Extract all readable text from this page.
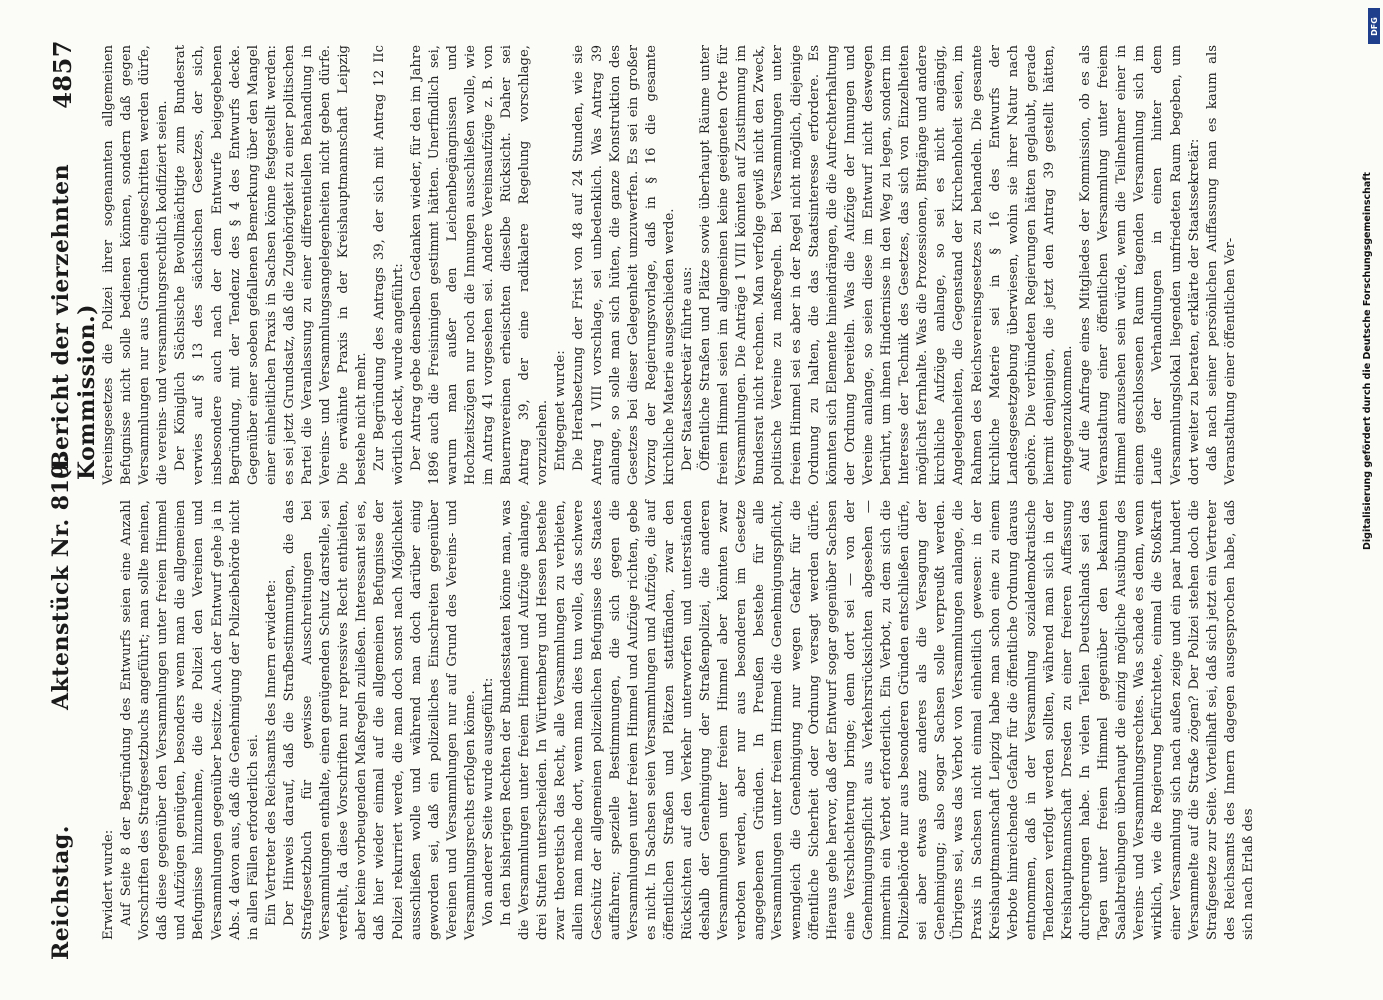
Reichstag.
Aktenstück Nr. 819.
(Bericht der vierzehnten Kommission.)
4857

Erwidert wurde: Auf Seite 8 der Begründung des Entwurfs seien eine Anzahl Vorschriften des Strafgesetzbuchs angeführt; man sollte meinen, daß diese gegenüber den Versammlungen unter freiem Himmel und Aufzügen genügten, besonders wenn man die allgemeinen Befugnisse hinzunehme, die die Polizei den Vereinen und Versammlungen gegenüber besitze. Auch der Entwurf gehe ja in Abs. 4 davon aus, daß die Genehmigung der Polizeibehörde nicht in allen Fällen erforderlich sei. Ein Vertreter des Reichsamts des Innern erwiderte: Der Hinweis darauf, daß die Strafbestimmungen, die das Strafgesetzbuch für gewisse Ausschreitungen bei Versammlungen enthalte, einen genügenden Schutz darstelle, sei verfehlt, da diese Vorschriften nur repressives Recht enthielten, aber keine vorbeugenden Maßregeln zuließen. Interessant sei es, daß hier wieder einmal auf die allgemeinen Befugnisse der Polizei rekurriert werde, die man doch sonst nach Möglichkeit ausschließen wolle und während man doch darüber einig geworden sei, daß ein polizeiliches Einschreiten gegenüber Vereinen und Versammlungen nur auf Grund des Vereins- und Versammlungsrechts erfolgen könne. Von anderer Seite wurde ausgeführt: In den bisherigen Rechten der Bundesstaaten könne man, was die Versammlungen unter freiem Himmel und Aufzüge anlange, drei Stufen unterscheiden. In Württemberg und Hessen bestehe zwar theoretisch das Recht, alle Versammlungen zu verbieten, allein man mache dort, wenn man dies tun wolle, das schwere Geschütz der allgemeinen polizeilichen Befugnisse des Staates auffahren; spezielle Bestimmungen, die sich gegen die Versammlungen unter freiem Himmel und Aufzüge richten, gebe es nicht. In Sachsen seien Versammlungen und Aufzüge, die auf öffentlichen Straßen und Plätzen stattfänden, zwar den Rücksichten auf den Verkehr unterworfen und unterständen deshalb der Genehmigung der Straßenpolizei, die anderen Versammlungen unter freiem Himmel aber könnten zwar verboten werden, aber nur aus besonderen im Gesetze angegebenen Gründen. In Preußen bestehe für alle Versammlungen unter freiem Himmel die Genehmigungspflicht, wenngleich die Genehmigung nur wegen Gefahr für die öffentliche Sicherheit oder Ordnung versagt werden dürfe. Hieraus gehe hervor, daß der Entwurf sogar gegenüber Sachsen eine Verschlechterung bringe; denn dort sei — von der Genehmigungspflicht aus Verkehrsrücksichten abgesehen — immerhin ein Verbot erforderlich. Ein Verbot, zu dem sich die Polizeibehörde nur aus besonderen Gründen entschließen dürfe, sei aber etwas ganz anderes als die Versagung der Genehmigung; also sogar Sachsen solle verpreußt werden. Übrigens sei, was das Verbot von Versammlungen anlange, die Praxis in Sachsen nicht einmal einheitlich gewesen: in der Kreishauptmannschaft Leipzig habe man schon eine zu einem Verbote hinreichende Gefahr für die öffentliche Ordnung daraus entnommen, daß in der Versammlung sozialdemokratische Tendenzen verfolgt werden sollten, während man sich in der Kreishauptmannschaft Dresden zu einer freieren Auffassung durchgerungen habe. In vielen Teilen Deutschlands sei das Tagen unter freiem Himmel gegenüber den bekannten Saalabtreibungen überhaupt die einzig mögliche Ausübung des Vereins- und Versammlungsrechtes. Was schade es denn, wenn wirklich, wie die Regierung befürchtete, einmal die Stoßkraft einer Versammlung sich nach außen zeige und ein paar hundert Versammelte auf die Straße zögen? Der Polizei stehen doch die Strafgesetze zur Seite. Vorteilhaft sei, daß sich jetzt ein Vertreter des Reichsamts des Innern dagegen ausgesprochen habe, daß sich nach Erlaß des

Vereinsgesetzes die Polizei ihrer sogenannten allgemeinen Befugnisse nicht solle bedienen können, sondern daß gegen Versammlungen nur aus Gründen eingeschritten werden dürfe, die vereins- und versammlungsrechtlich kodifiziert seien. Der Königlich Sächsische Bevollmächtigte zum Bundesrat verwies auf § 13 des sächsischen Gesetzes, der sich, insbesondere auch nach der dem Entwurfe beigegebenen Begründung, mit der Tendenz des § 4 des Entwurfs decke. Gegenüber einer soeben gefallenen Bemerkung über den Mangel einer einheitlichen Praxis in Sachsen könne festgestellt werden: es sei jetzt Grundsatz, daß die Zugehörigkeit zu einer politischen Partei die Veranlassung zu einer differentiellen Behandlung in Vereins- und Versammlungsangelegenheiten nicht geben dürfe. Die erwähnte Praxis in der Kreishauptmannschaft Leipzig bestehe nicht mehr. Zur Begründung des Antrags 39, der sich mit Antrag 12 IIc wörtlich deckt, wurde angeführt: Der Antrag gebe denselben Gedanken wieder, für den im Jahre 1896 auch die Freisinnigen gestimmt hätten. Unerfindlich sei, warum man außer den Leichenbegängnissen und Hochzeitszügen nur noch die Innungen ausschließen wolle, wie im Antrag 41 vorgesehen sei. Andere Vereinsaufzüge z. B. von Bauernvereinen erheischten dieselbe Rücksicht. Daher sei Antrag 39, der eine radikalere Regelung vorschlage, vorzuziehen. Entgegnet wurde: Die Herabsetzung der Frist von 48 auf 24 Stunden, wie sie Antrag 1 VIII vorschlage, sei unbedenklich. Was Antrag 39 anlange, so solle man sich hüten, die ganze Konstruktion des Gesetzes bei dieser Gelegenheit umzuwerfen. Es sei ein großer Vorzug der Regierungsvorlage, daß in § 16 die gesamte kirchliche Materie ausgeschieden werde. Der Staatssekretär führte aus: Öffentliche Straßen und Plätze sowie überhaupt Räume unter freiem Himmel seien im allgemeinen keine geeigneten Orte für Versammlungen. Die Anträge 1 VIII könnten auf Zustimmung im Bundesrat nicht rechnen. Man verfolge gewiß nicht den Zweck, politische Vereine zu maßregeln. Bei Versammlungen unter freiem Himmel sei es aber in der Regel nicht möglich, diejenige Ordnung zu halten, die das Staatsinteresse erfordere. Es könnten sich Elemente hineindrängen, die die Aufrechterhaltung der Ordnung bereiteln. Was die Aufzüge der Innungen und Vereine anlange, so seien diese im Entwurf nicht deswegen berührt, um ihnen Hindernisse in den Weg zu legen, sondern im Interesse der Technik des Gesetzes, das sich von Einzelheiten möglichst fernhalte. Was die Prozessionen, Bittgänge und andere kirchliche Aufzüge anlange, so sei es nicht angängig, Angelegenheiten, die Gegenstand der Kirchenhoheit seien, im Rahmen des Reichsvereinsgesetzes zu behandeln. Die gesamte kirchliche Materie sei in § 16 des Entwurfs der Landesgesetzgebung überwiesen, wohin sie ihrer Natur nach gehöre. Die verbündeten Regierungen hätten geglaubt, gerade hiermit denjenigen, die jetzt den Antrag 39 gestellt hätten, entgegenzukommen. Auf die Anfrage eines Mitgliedes der Kommission, ob es als Veranstaltung einer öffentlichen Versammlung unter freiem Himmel anzusehen sein würde, wenn die Teilnehmer einer in einem geschlossenen Raum tagenden Versammlung sich im Laufe der Verhandlungen in einen hinter dem Versammlungslokal liegenden umfriedeten Raum begeben, um dort weiter zu beraten, erklärte der Staatssekretär: daß nach seiner persönlichen Auffassung man es kaum als Veranstaltung einer öffentlichen Ver-

DFG
Digitalisierung gefördert durch die Deutsche Forschungsgemeinschaft
